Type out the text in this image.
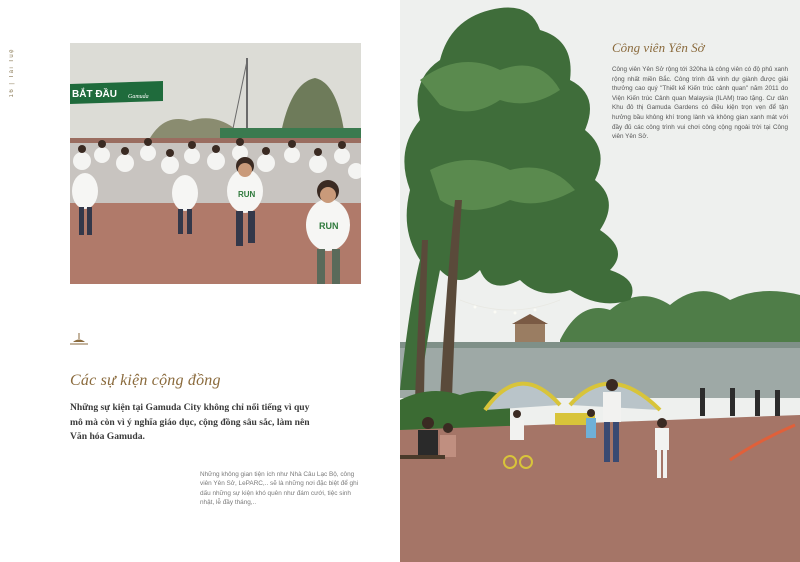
16 | Tái Tuệ
RUN
RUN
BẮT ĐẦU Gamuda
Các sự kiện cộng đồng

Những sự kiện tại Gamuda City không chỉ nổi tiếng vì quy mô mà còn vì ý nghĩa giáo dục, cộng đồng sâu sắc, làm nên Văn hóa Gamuda.

Những không gian tiện ích như Nhà Câu Lạc Bộ, công viên Yên Sở, LePARC,.. sẽ là những nơi đặc biệt để ghi dấu những sự kiện khó quên như đám cưới, tiệc sinh nhật, lễ đầy tháng,..

Công viên Yên Sở

Công viên Yên Sở rộng tới 320ha là công viên có độ phủ xanh rộng nhất miền Bắc. Công trình đã vinh dự giành được giải thưởng cao quý "Thiết kế Kiến trúc cảnh quan" năm 2011 do Viện Kiến trúc Cảnh quan Malaysia (ILAM) trao tặng. Cư dân Khu đô thị Gamuda Gardens có điều kiện trọn vẹn để tận hưởng bầu không khí trong lành và không gian xanh mát với đầy đủ các công trình vui chơi công cộng ngoài trời tại Công viên Yên Sở.
